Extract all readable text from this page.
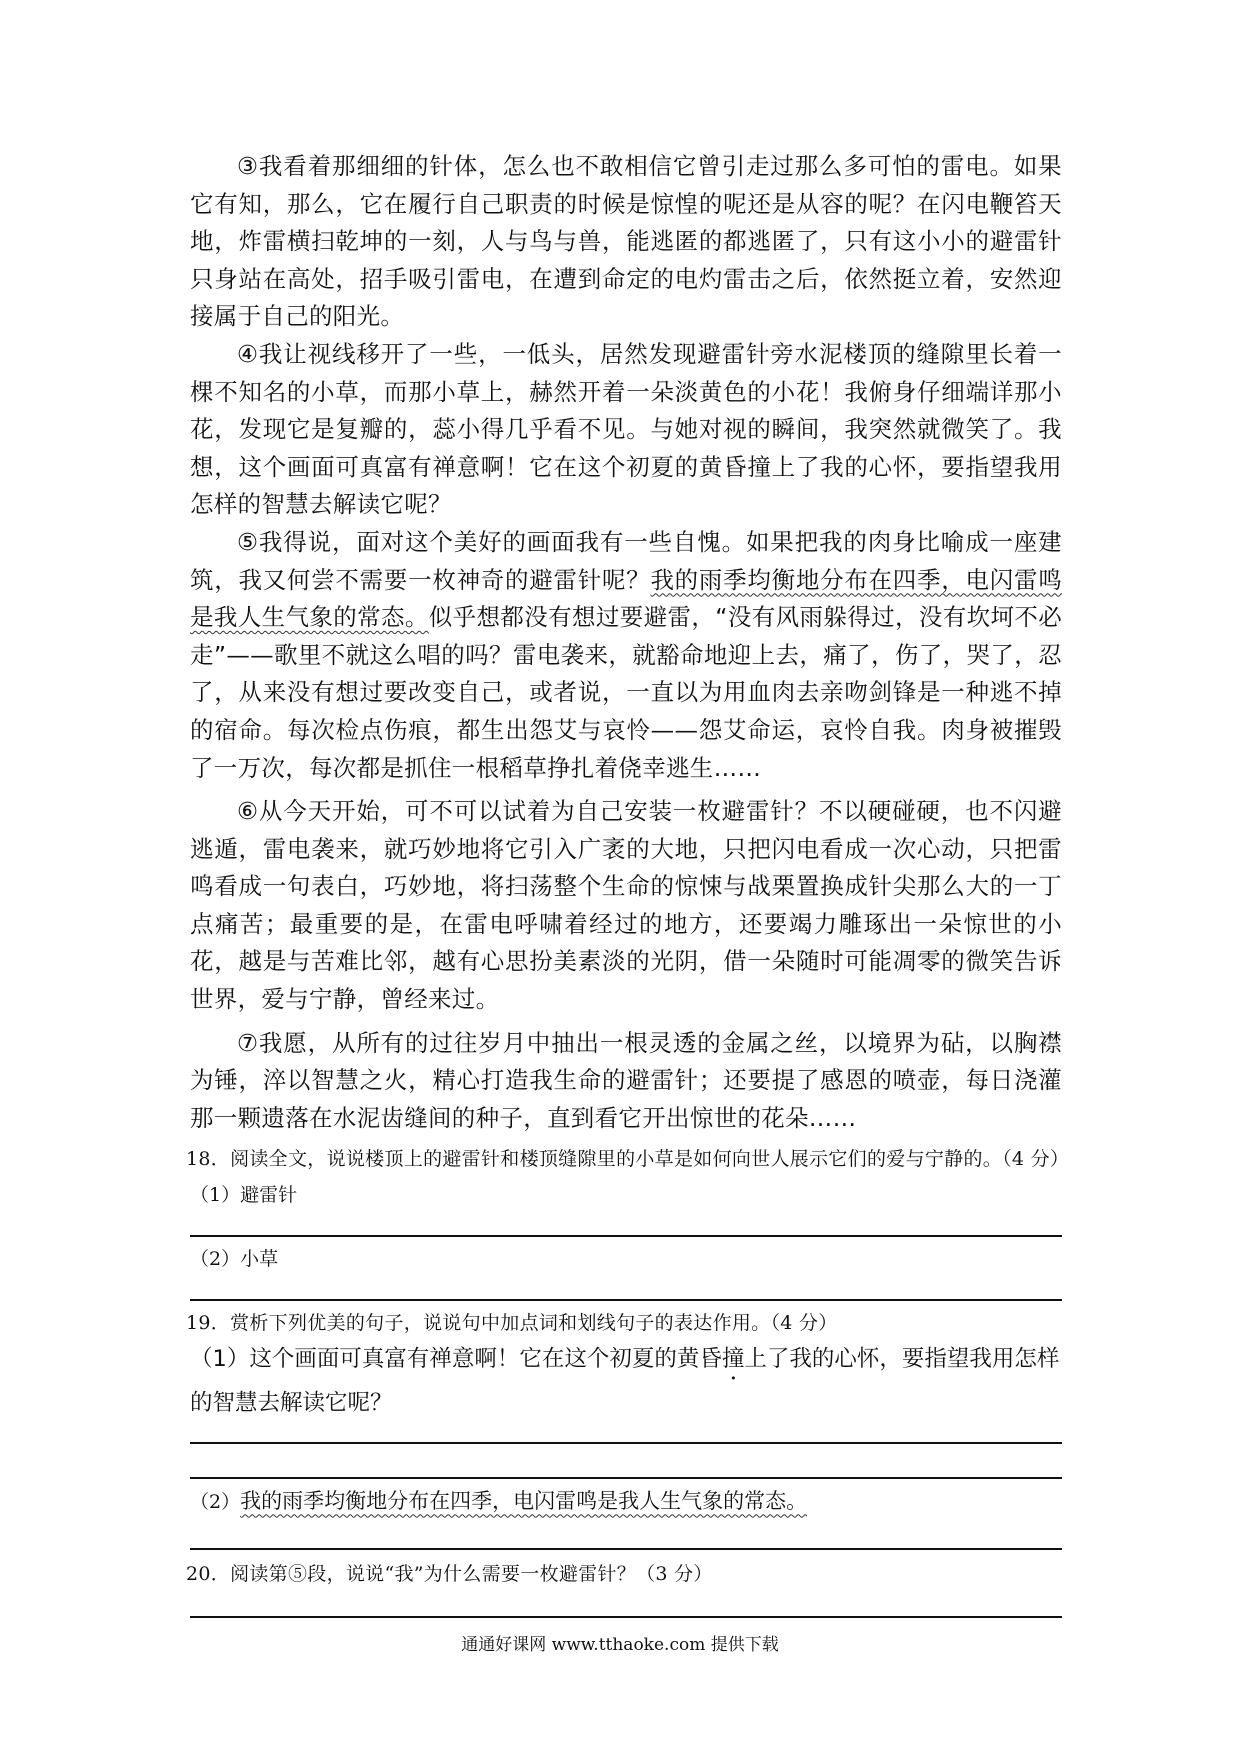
③我看着那细细的针体，怎么也不敢相信它曾引走过那么多可怕的雷电。如果它有知，那么，它在履行自己职责的时候是惊惶的呢还是从容的呢？在闪电鞭笞天地，炸雷横扫乾坤的一刻，人与鸟与兽，能逃匿的都逃匿了，只有这小小的避雷针只身站在高处，招手吸引雷电，在遭到命定的电灼雷击之后，依然挺立着，安然迎接属于自己的阳光。

④我让视线移开了一些，一低头，居然发现避雷针旁水泥楼顶的缝隙里长着一棵不知名的小草，而那小草上，赫然开着一朵淡黄色的小花！我俯身仔细端详那小花，发现它是复瓣的，蕊小得几乎看不见。与她对视的瞬间，我突然就微笑了。我想，这个画面可真富有禅意啊！它在这个初夏的黄昏撞上了我的心怀，要指望我用怎样的智慧去解读它呢？

⑤我得说，面对这个美好的画面我有一些自愧。如果把我的肉身比喻成一座建筑，我又何尝不需要一枚神奇的避雷针呢？我的雨季均衡地分布在四季，电闪雷鸣是我人生气象的常态。似乎想都没有想过要避雷，“没有风雨躲得过，没有坎坷不必走”——歌里不就这么唱的吗？雷电袭来，就豁命地迎上去，痛了，伤了，哭了，忍了，从来没有想过要改变自己，或者说，一直以为用血肉去亲吻剑锋是一种逃不掉的宿命。每次检点伤痕，都生出怨艾与哀怜——怨艾命运，哀怜自我。肉身被摧毁了一万次，每次都是抓住一根稻草挣扎着侥幸逃生……

⑥从今天开始，可不可以试着为自己安装一枚避雷针？不以硬碰硬，也不闪避逃遁，雷电袭来，就巧妙地将它引入广袤的大地，只把闪电看成一次心动，只把雷鸣看成一句表白，巧妙地，将扫荡整个生命的惊悚与战栗置换成针尖那么大的一丁点痛苦；最重要的是，在雷电呼啸着经过的地方，还要竭力雕琢出一朵惊世的小花，越是与苦难比邻，越有心思扮美素淡的光阴，借一朵随时可能凋零的微笑告诉世界，爱与宁静，曾经来过。

⑦我愿，从所有的过往岁月中抽出一根灵透的金属之丝，以境界为砧，以胸襟为锤，淬以智慧之火，精心打造我生命的避雷针；还要提了感恩的喷壶，每日浇灌那一颗遗落在水泥齿缝间的种子，直到看它开出惊世的花朵……

18．阅读全文，说说楼顶上的避雷针和楼顶缝隙里的小草是如何向世人展示它们的爱与宁静的。（4 分）

（1）避雷针

（2）小草

19．赏析下列优美的句子，说说句中加点词和划线句子的表达作用。（4 分）

（1）这个画面可真富有禅意啊！它在这个初夏的黄昏撞上了我的心怀，要指望我用怎样的智慧去解读它呢？

（2）我的雨季均衡地分布在四季，电闪雷鸣是我人生气象的常态。

20．阅读第⑤段，说说“我”为什么需要一枚避雷针？（3 分）

通通好课网 www.tthaoke.com 提供下载
